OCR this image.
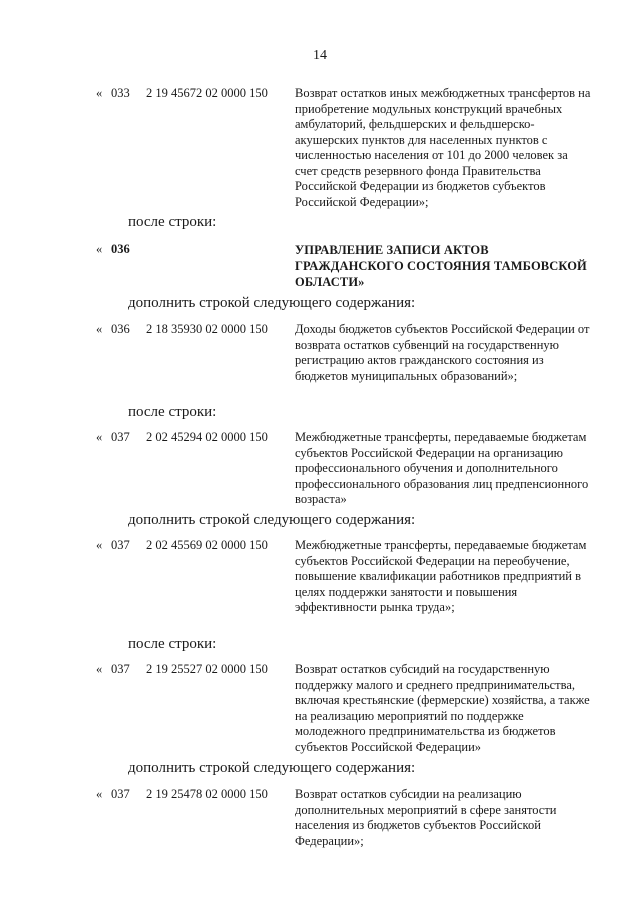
14
« 033 2 19 45672 02 0000 150 Возврат остатков иных межбюджетных трансфертов на приобретение модульных конструкций врачебных амбулаторий, фельдшерских и фельдшерско-акушерских пунктов для населенных пунктов с численностью населения от 101 до 2000 человек за счет средств резервного фонда Правительства Российской Федерации из бюджетов субъектов Российской Федерации»;
после строки:
« 036	УПРАВЛЕНИЕ ЗАПИСИ АКТОВ ГРАЖДАНСКОГО СОСТОЯНИЯ ТАМБОВСКОЙ ОБЛАСТИ»
дополнить строкой следующего содержания:
« 036 2 18 35930 02 0000 150 Доходы бюджетов субъектов Российской Федерации от возврата остатков субвенций на государственную регистрацию актов гражданского состояния из бюджетов муниципальных образований»;
после строки:
« 037 2 02 45294 02 0000 150 Межбюджетные трансферты, передаваемые бюджетам субъектов Российской Федерации на организацию профессионального обучения и дополнительного профессионального образования лиц предпенсионного возраста»
дополнить строкой следующего содержания:
« 037 2 02 45569 02 0000 150 Межбюджетные трансферты, передаваемые бюджетам субъектов Российской Федерации на переобучение, повышение квалификации работников предприятий в целях поддержки занятости и повышения эффективности рынка труда»;
после строки:
« 037 2 19 25527 02 0000 150 Возврат остатков субсидий на государственную поддержку малого и среднего предпринимательства, включая крестьянские (фермерские) хозяйства, а также на реализацию мероприятий по поддержке молодежного предпринимательства из бюджетов субъектов Российской Федерации»
дополнить строкой следующего содержания:
« 037 2 19 25478 02 0000 150 Возврат остатков субсидии на реализацию дополнительных мероприятий в сфере занятости населения из бюджетов субъектов Российской Федерации»;
